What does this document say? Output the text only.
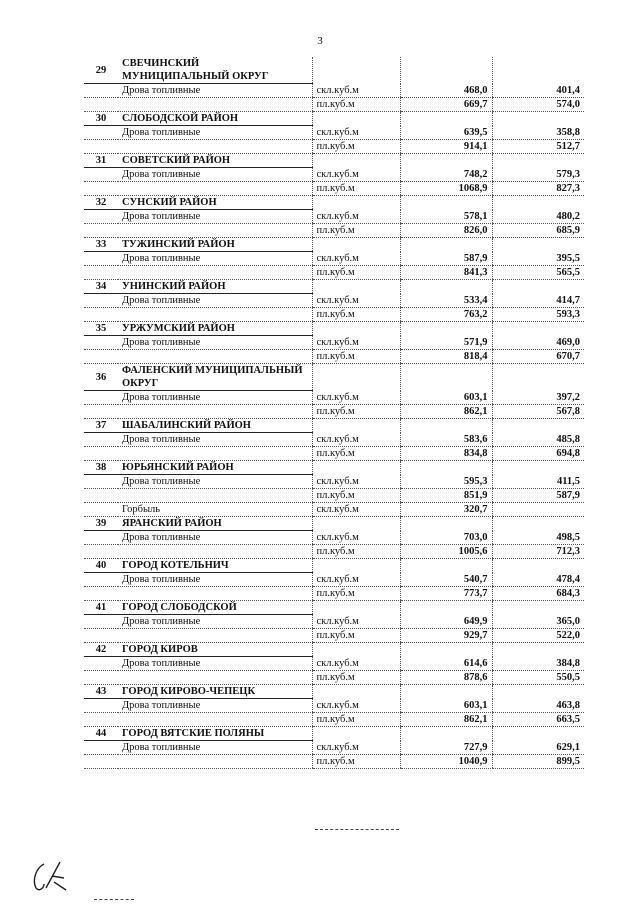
3
29	СВЕЧИНСКИЙ МУНИЦИПАЛЬНЫЙ ОКРУГ			
	Дрова топливные	скл.куб.м	468,0	401,4
		пл.куб.м	669,7	574,0
30	СЛОБОДСКОЙ РАЙОН			
	Дрова топливные	скл.куб.м	639,5	358,8
		пл.куб.м	914,1	512,7
31	СОВЕТСКИЙ РАЙОН			
	Дрова топливные	скл.куб.м	748,2	579,3
		пл.куб.м	1068,9	827,3
32	СУНСКИЙ РАЙОН			
	Дрова топливные	скл.куб.м	578,1	480,2
		пл.куб.м	826,0	685,9
33	ТУЖИНСКИЙ РАЙОН			
	Дрова топливные	скл.куб.м	587,9	395,5
		пл.куб.м	841,3	565,5
34	УНИНСКИЙ РАЙОН			
	Дрова топливные	скл.куб.м	533,4	414,7
		пл.куб.м	763,2	593,3
35	УРЖУМСКИЙ РАЙОН			
	Дрова топливные	скл.куб.м	571,9	469,0
		пл.куб.м	818,4	670,7
36	ФАЛЕНСКИЙ МУНИЦИПАЛЬНЫЙ ОКРУГ			
	Дрова топливные	скл.куб.м	603,1	397,2
		пл.куб.м	862,1	567,8
37	ШАБАЛИНСКИЙ РАЙОН			
	Дрова топливные	скл.куб.м	583,6	485,8
		пл.куб.м	834,8	694,8
38	ЮРЬЯНСКИЙ РАЙОН			
	Дрова топливные	скл.куб.м	595,3	411,5
		пл.куб.м	851,9	587,9
	Горбыль	скл.куб.м	320,7	
39	ЯРАНСКИЙ РАЙОН			
	Дрова топливные	скл.куб.м	703,0	498,5
		пл.куб.м	1005,6	712,3
40	ГОРОД КОТЕЛЬНИЧ			
	Дрова топливные	скл.куб.м	540,7	478,4
		пл.куб.м	773,7	684,3
41	ГОРОД СЛОБОДСКОЙ			
	Дрова топливные	скл.куб.м	649,9	365,0
		пл.куб.м	929,7	522,0
42	ГОРОД КИРОВ			
	Дрова топливные	скл.куб.м	614,6	384,8
		пл.куб.м	878,6	550,5
43	ГОРОД КИРОВО-ЧЕПЕЦК			
	Дрова топливные	скл.куб.м	603,1	463,8
		пл.куб.м	862,1	663,5
44	ГОРОД ВЯТСКИЕ ПОЛЯНЫ			
	Дрова топливные	скл.куб.м	727,9	629,1
		пл.куб.м	1040,9	899,5
